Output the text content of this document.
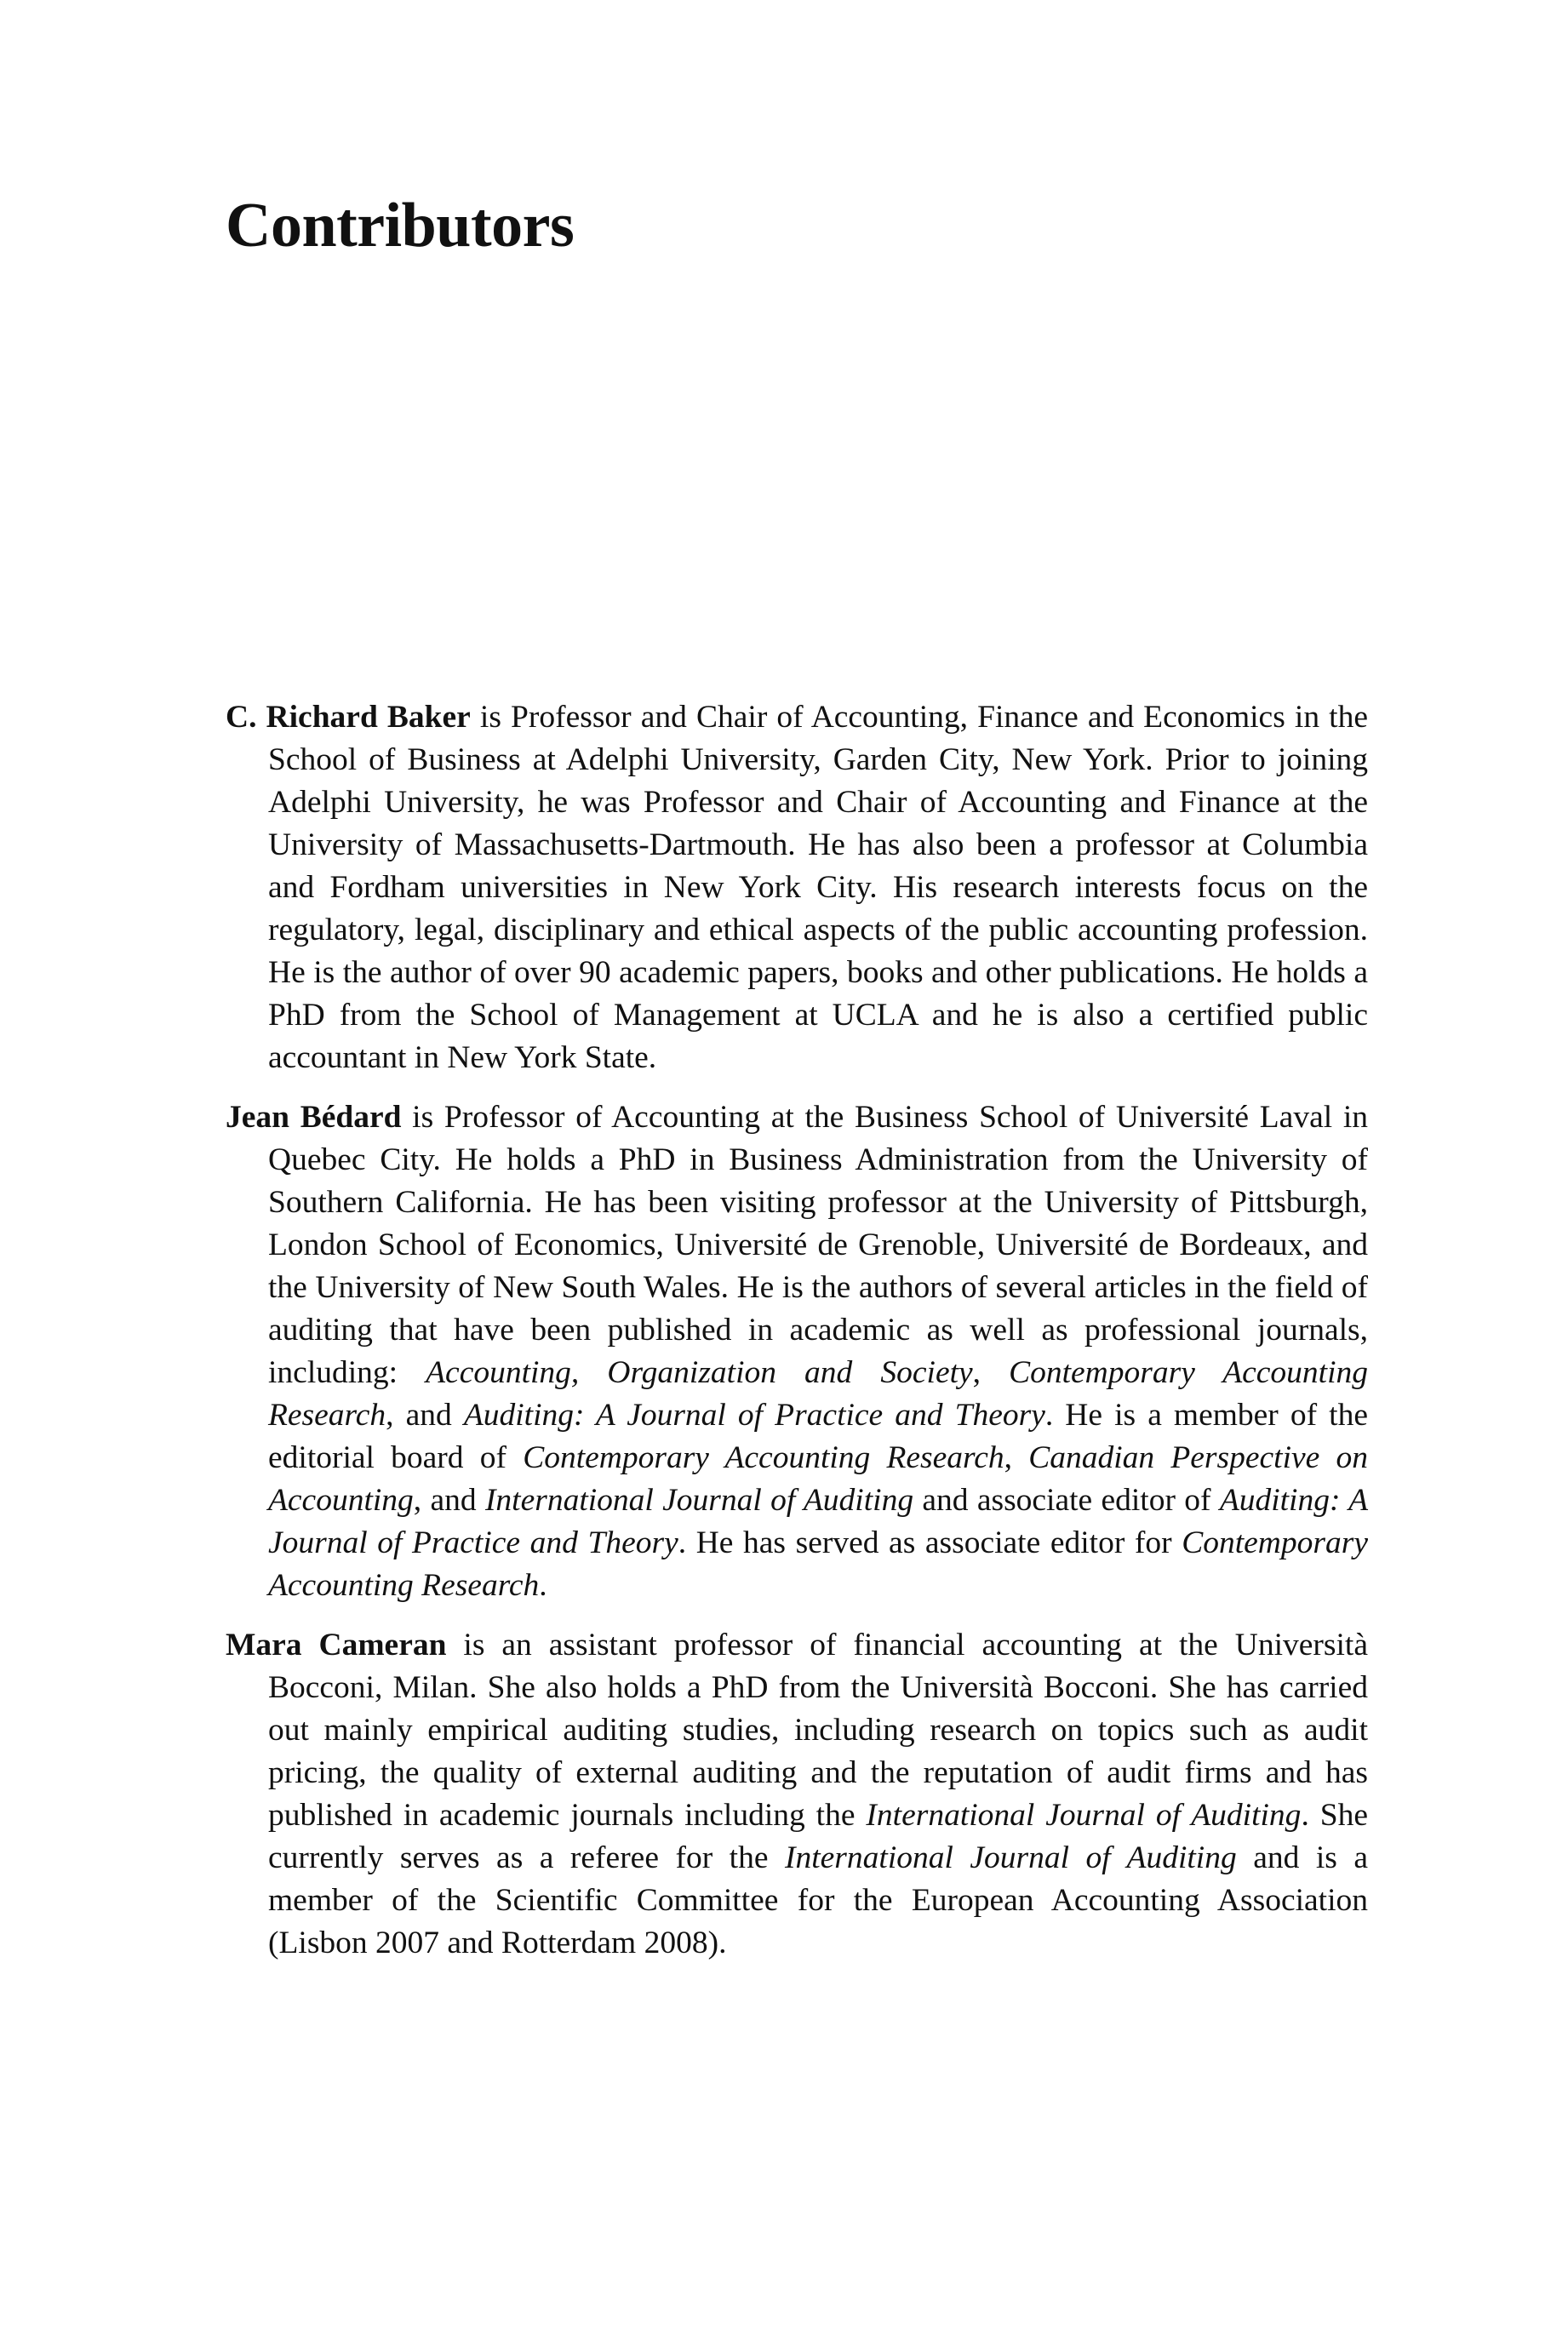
Contributors

C. Richard Baker is Professor and Chair of Accounting, Finance and Economics in the School of Business at Adelphi University, Garden City, New York. Prior to joining Adelphi University, he was Professor and Chair of Accounting and Finance at the University of Massachusetts-Dartmouth. He has also been a professor at Columbia and Fordham universities in New York City. His research interests focus on the regulatory, legal, disciplinary and ethical aspects of the public accounting profession. He is the author of over 90 academic papers, books and other publications. He holds a PhD from the School of Management at UCLA and he is also a certified public accountant in New York State.

Jean Bédard is Professor of Accounting at the Business School of Université Laval in Quebec City. He holds a PhD in Business Administration from the University of Southern California. He has been visiting professor at the University of Pittsburgh, London School of Economics, Université de Grenoble, Université de Bordeaux, and the University of New South Wales. He is the authors of several articles in the field of auditing that have been published in academic as well as professional journals, including: Accounting, Organization and Society, Contemporary Accounting Research, and Auditing: A Journal of Practice and Theory. He is a member of the editorial board of Contemporary Accounting Research, Canadian Perspective on Accounting, and International Journal of Auditing and associate editor of Auditing: A Journal of Practice and Theory. He has served as associate editor for Contemporary Accounting Research.

Mara Cameran is an assistant professor of financial accounting at the Università Bocconi, Milan. She also holds a PhD from the Università Bocconi. She has carried out mainly empirical auditing studies, including research on topics such as audit pricing, the quality of external auditing and the reputation of audit firms and has published in academic journals including the International Journal of Auditing. She currently serves as a referee for the International Journal of Auditing and is a member of the Scientific Committee for the European Accounting Association (Lisbon 2007 and Rotterdam 2008).
